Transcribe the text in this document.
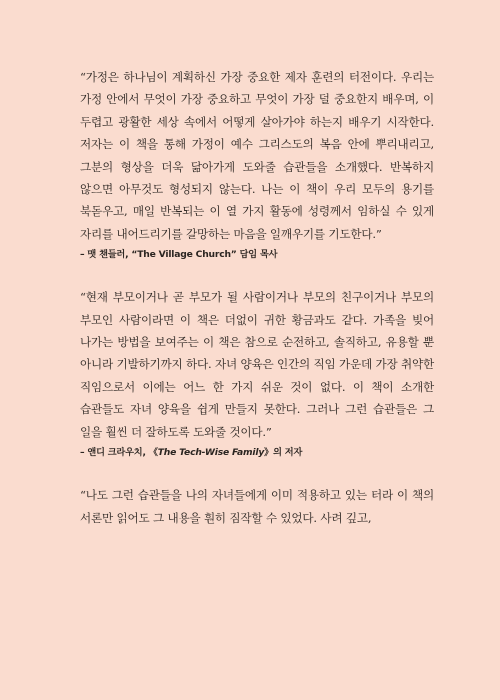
“가정은 하나님이 계획하신 가장 중요한 제자 훈련의 터전이다. 우리는 가정 안에서 무엇이 가장 중요하고 무엇이 가장 덜 중요한지 배우며, 이 두렵고 광활한 세상 속에서 어떻게 살아가야 하는지 배우기 시작한다. 저자는 이 책을 통해 가정이 예수 그리스도의 복음 안에 뿌리내리고, 그분의 형상을 더욱 닮아가게 도와줄 습관들을 소개했다. 반복하지 않으면 아무것도 형성되지 않는다. 나는 이 책이 우리 모두의 용기를 북돋우고, 매일 반복되는 이 열 가지 활동에 성령께서 임하실 수 있게 자리를 내어드리기를 갈망하는 마음을 일깨우기를 기도한다.”

– 맷 챈들러, “The Village Church” 담임 목사

“현재 부모이거나 곧 부모가 될 사람이거나 부모의 친구이거나 부모의 부모인 사람이라면 이 책은 더없이 귀한 황금과도 같다. 가족을 빚어 나가는 방법을 보여주는 이 책은 참으로 순전하고, 솔직하고, 유용할 뿐 아니라 기발하기까지 하다. 자녀 양육은 인간의 직임 가운데 가장 취약한 직임으로서 이에는 어느 한 가지 쉬운 것이 없다. 이 책이 소개한 습관들도 자녀 양육을 쉽게 만들지 못한다. 그러나 그런 습관들은 그 일을 훨씬 더 잘하도록 도와줄 것이다.”

– 앤디 크라우치, 《The Tech-Wise Family》의 저자

“나도 그런 습관들을 나의 자녀들에게 이미 적용하고 있는 터라 이 책의 서론만 읽어도 그 내용을 훤히 짐작할 수 있었다. 사려 깊고,
